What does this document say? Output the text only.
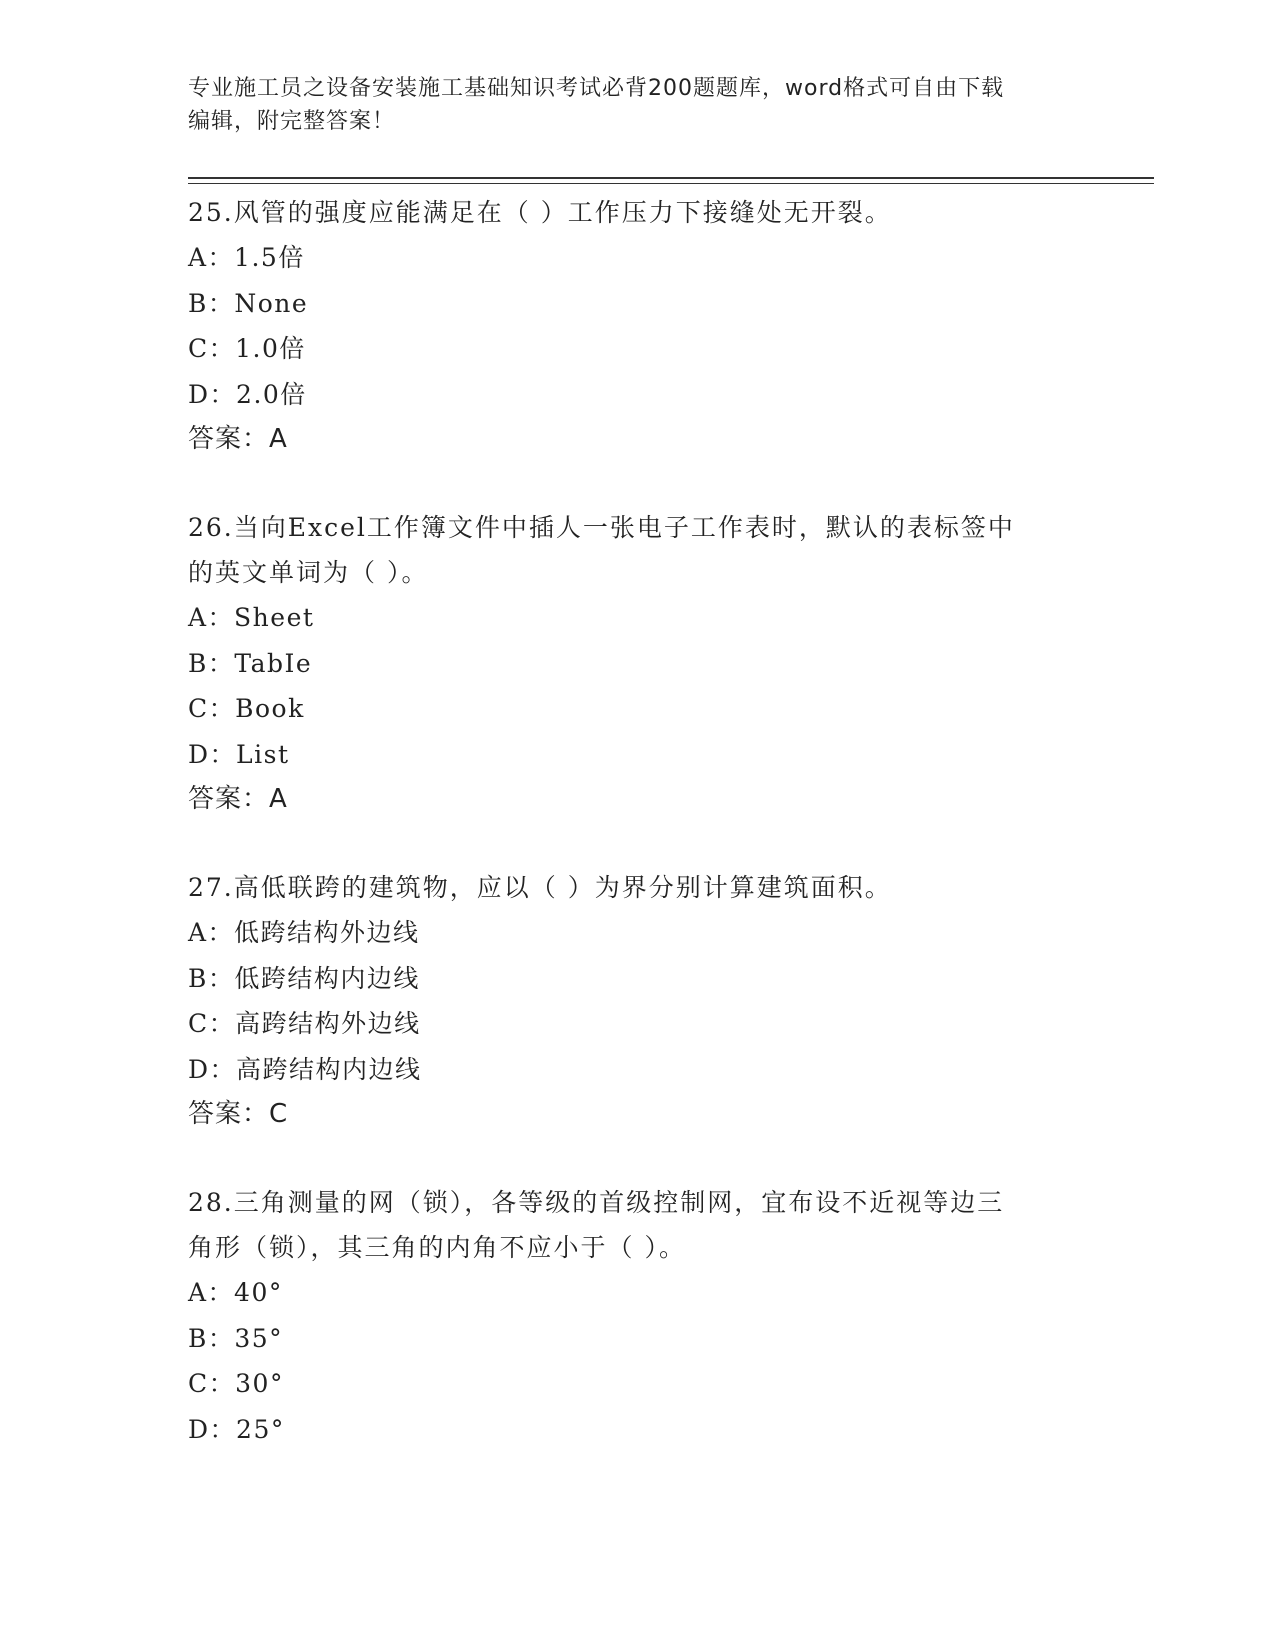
专业施工员之设备安装施工基础知识考试必背200题题库，word格式可自由下载
编辑，附完整答案！
25.风管的强度应能满足在（ ）工作压力下接缝处无开裂。
A：1.5倍
B：None
C：1.0倍
D：2.0倍
答案：A
26.当向Excel工作簿文件中插人一张电子工作表时，默认的表标签中
的英文单词为（ ）。
A：Sheet
B：TabIe
C：Book
D：List
答案：A
27.高低联跨的建筑物，应以（ ）为界分别计算建筑面积。
A：低跨结构外边线
B：低跨结构内边线
C：高跨结构外边线
D：高跨结构内边线
答案：C
28.三角测量的网（锁），各等级的首级控制网，宜布设不近视等边三
角形（锁），其三角的内角不应小于（ ）。
A：40°
B：35°
C：30°
D：25°
